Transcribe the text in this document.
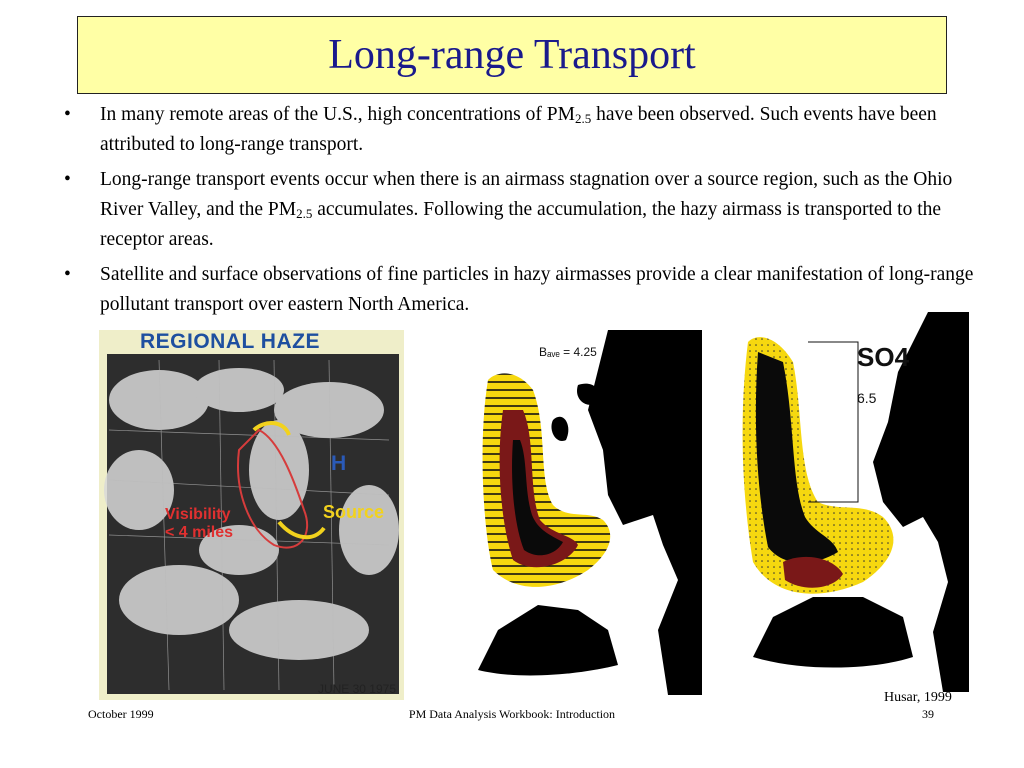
Long-range Transport
• In many remote areas of the U.S., high concentrations of $PM_{2.5}$ have been observed. Such events have been attributed to long-range transport.
• Long-range transport events occur when there is an airmass stagnation over a source region, such as the Ohio River Valley, and the $PM_{2.5}$ accumulates. Following the accumulation, the hazy airmass is transported to the receptor areas.
• Satellite and surface observations of fine particles in hazy airmasses provide a clear manifestation of long-range pollutant transport over eastern North America.
REGIONAL HAZE
H
Source
Visibility
< 4 miles
JUNE 30 1975
Bₐᵥₑ = 4.25	SO4
6.5
Husar, 1999
October 1999	PM Data Analysis Workbook: Introduction	39
